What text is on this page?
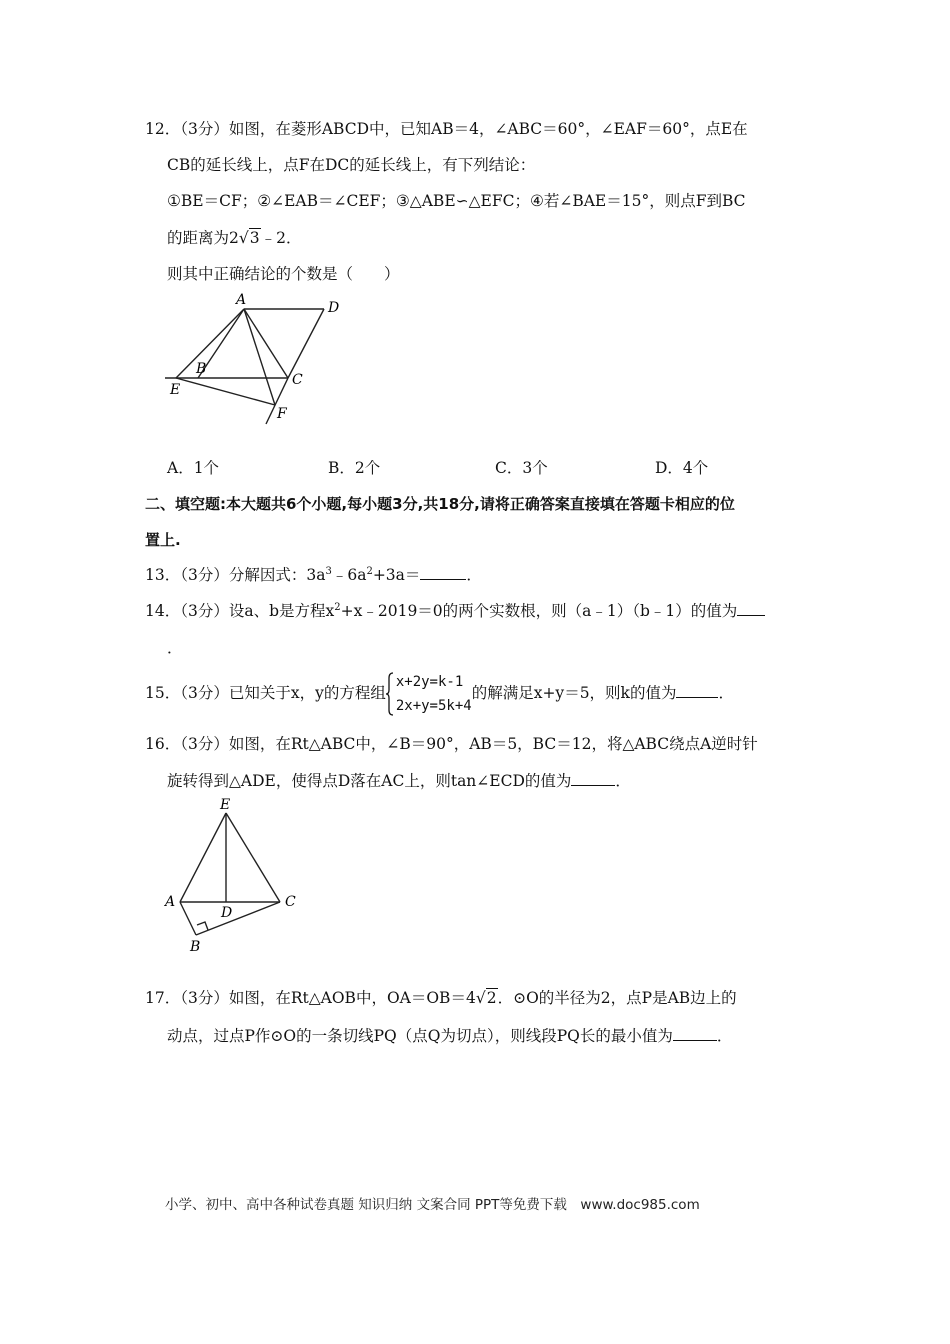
12．（3分）如图，在菱形ABCD中，已知AB＝4，∠ABC＝60°，∠EAF＝60°，点E在
CB的延长线上，点F在DC的延长线上，有下列结论：
①BE＝CF；②∠EAB＝∠CEF；③△ABE∽△EFC；④若∠BAE＝15°，则点F到BC
的距离为2√3﹣2．
则其中正确结论的个数是（　　）
A	D
B
C
E
F
A．1个	B．2个	C．3个	D．4个
二、填空题:本大题共6个小题,每小题3分,共18分,请将正确答案直接填在答题卡相应的位
置上.
13．（3分）分解因式：$3a^3﹣6a^2+3a=$	．
14．（3分）设a、b是方程$x^2+x﹣2019=0$的两个实数根，则（a﹣1）（b﹣1）的值为
．
15．（3分）已知关于x，y的方程组
x+2y=k-1
2x+y=5k+4
的解满足x+y＝5，则k的值为	．
16．（3分）如图，在Rt△ABC中，∠B＝90°，AB＝5，BC＝12，将△ABC绕点A逆时针
旋转得到△ADE，使得点D落在AC上，则tan∠ECD的值为	．
E
A
D
C
B
17．（3分）如图，在Rt△AOB中，OA＝OB＝4√2．⊙O的半径为2，点P是AB边上的
动点，过点P作⊙O的一条切线PQ（点Q为切点），则线段PQ长的最小值为	．
小学、初中、高中各种试卷真题 知识归纳 文案合同 PPT等免费下载　www.doc985.com
